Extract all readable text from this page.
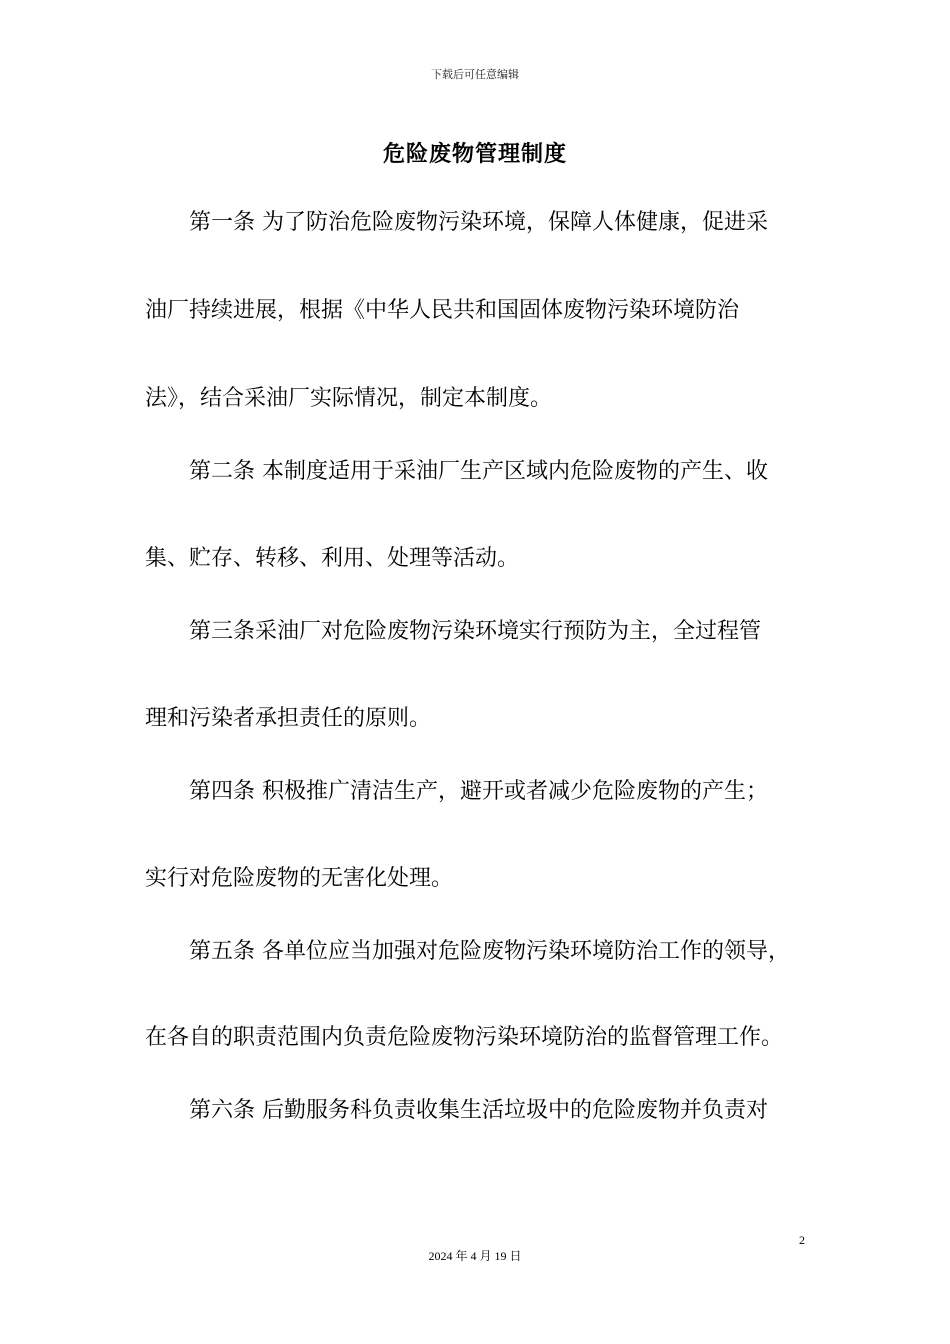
下载后可任意编辑
危险废物管理制度
第一条 为了防治危险废物污染环境，保障人体健康，促进采
油厂持续进展，根据《中华人民共和国固体废物污染环境防治
法》，结合采油厂实际情况，制定本制度。
第二条 本制度适用于采油厂生产区域内危险废物的产生、收
集、贮存、转移、利用、处理等活动。
第三条采油厂对危险废物污染环境实行预防为主，全过程管
理和污染者承担责任的原则。
第四条 积极推广清洁生产，避开或者减少危险废物的产生；
实行对危险废物的无害化处理。
第五条 各单位应当加强对危险废物污染环境防治工作的领导，
在各自的职责范围内负责危险废物污染环境防治的监督管理工作。
第六条 后勤服务科负责收集生活垃圾中的危险废物并负责对
2
2024 年 4 月 19 日
